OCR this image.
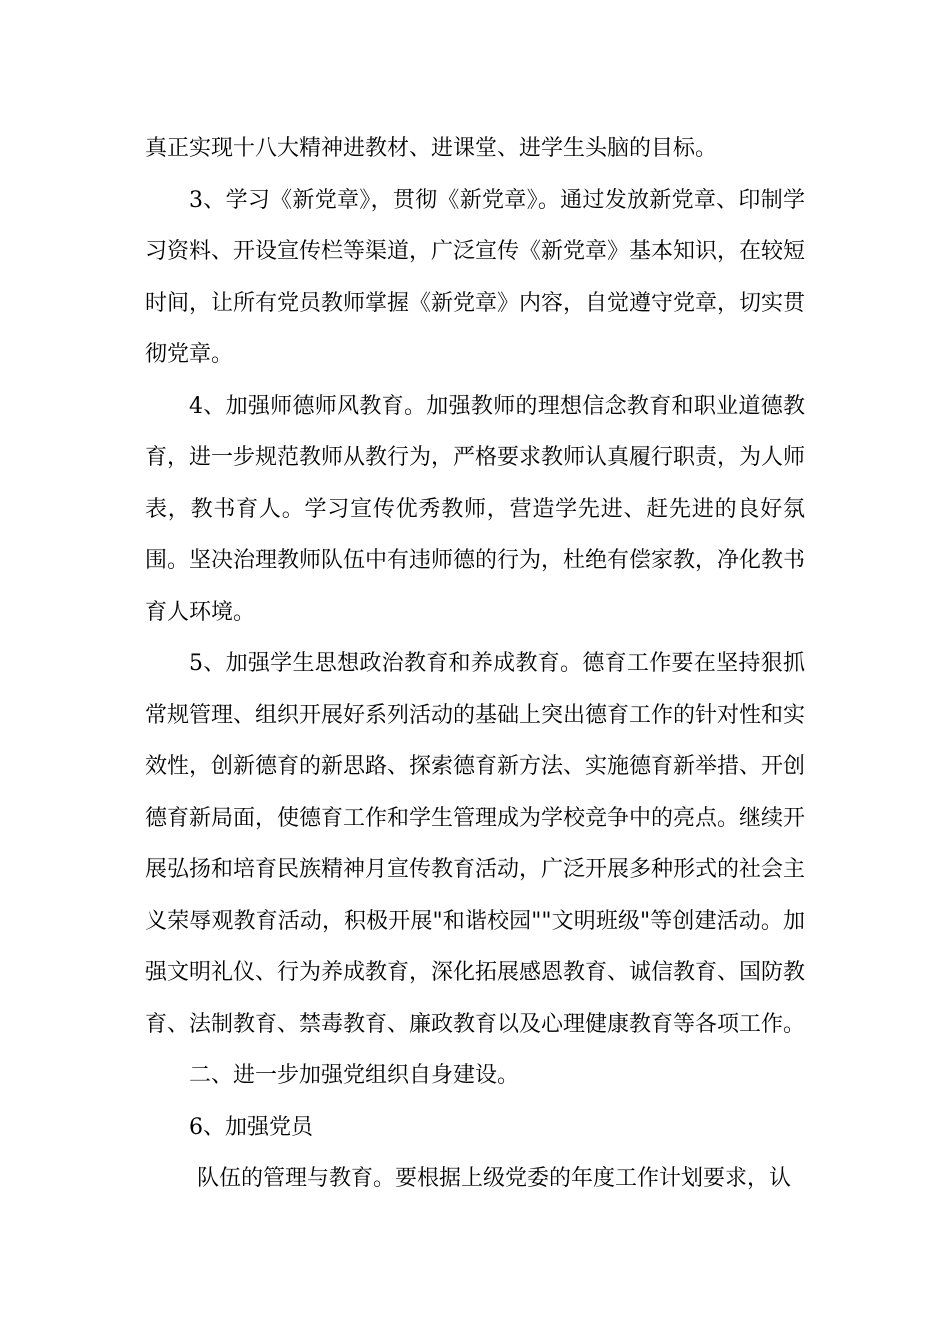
真正实现十八大精神进教材、进课堂、进学生头脑的目标。

3、学习《新党章》，贯彻《新党章》。通过发放新党章、印制学习资料、开设宣传栏等渠道，广泛宣传《新党章》基本知识，在较短时间，让所有党员教师掌握《新党章》内容，自觉遵守党章，切实贯彻党章。

4、加强师德师风教育。加强教师的理想信念教育和职业道德教育，进一步规范教师从教行为，严格要求教师认真履行职责，为人师表，教书育人。学习宣传优秀教师，营造学先进、赶先进的良好氛围。坚决治理教师队伍中有违师德的行为，杜绝有偿家教，净化教书育人环境。

5、加强学生思想政治教育和养成教育。德育工作要在坚持狠抓常规管理、组织开展好系列活动的基础上突出德育工作的针对性和实效性，创新德育的新思路、探索德育新方法、实施德育新举措、开创德育新局面，使德育工作和学生管理成为学校竞争中的亮点。继续开展弘扬和培育民族精神月宣传教育活动，广泛开展多种形式的社会主义荣辱观教育活动，积极开展"和谐校园""文明班级"等创建活动。加强文明礼仪、行为养成教育，深化拓展感恩教育、诚信教育、国防教育、法制教育、禁毒教育、廉政教育以及心理健康教育等各项工作。

二、进一步加强党组织自身建设。

6、加强党员

队伍的管理与教育。要根据上级党委的年度工作计划要求，认
